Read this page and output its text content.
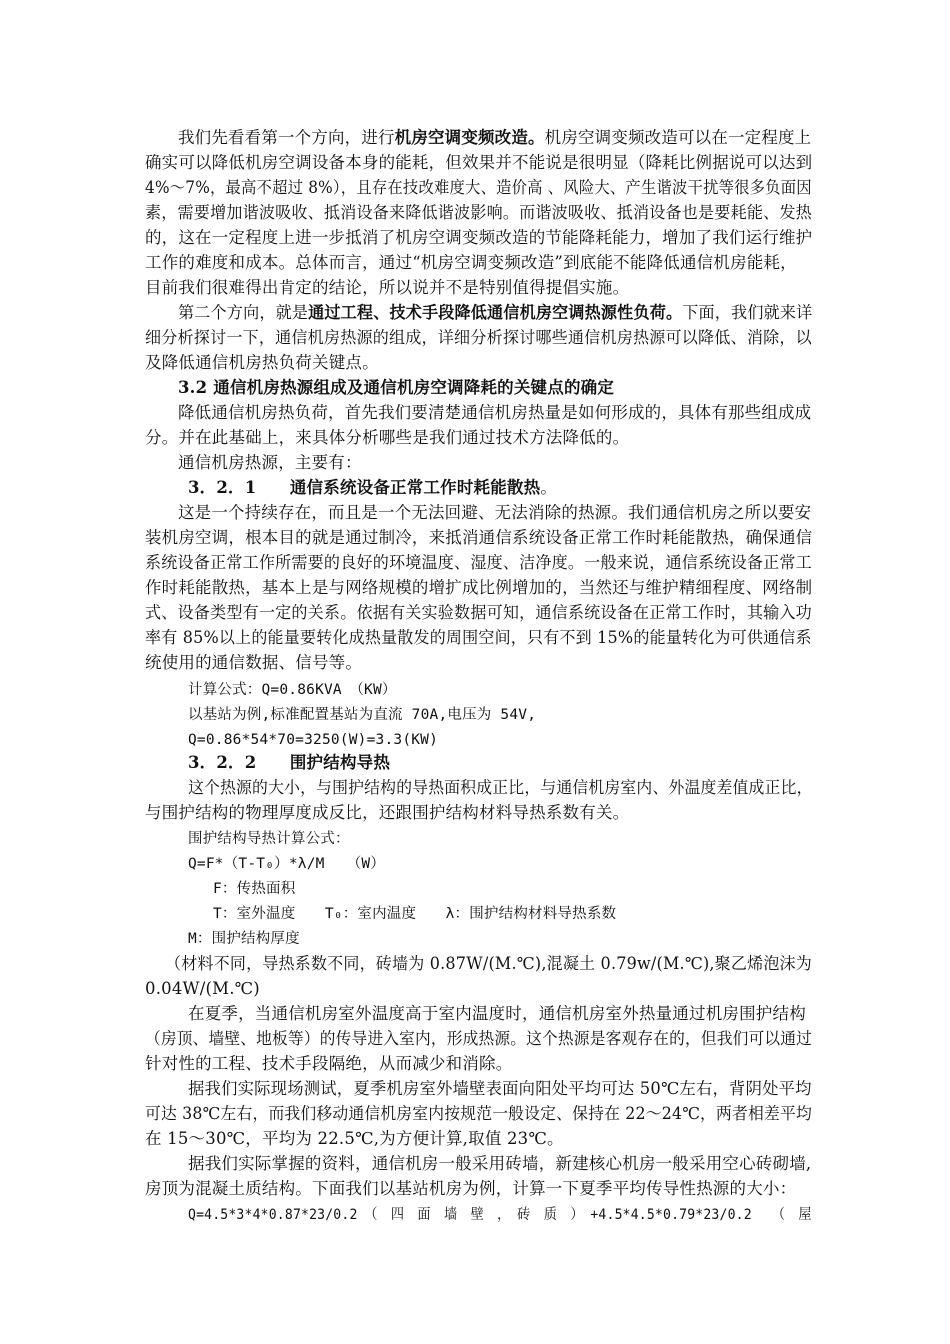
我们先看看第一个方向，进行机房空调变频改造。机房空调变频改造可以在一定程度上
确实可以降低机房空调设备本身的能耗，但效果并不能说是很明显（降耗比例据说可以达到
4%～7%，最高不超过 8%），且存在技改难度大、造价高 、风险大、产生谐波干扰等很多负面因
素，需要增加谐波吸收、抵消设备来降低谐波影响。而谐波吸收、抵消设备也是要耗能、发热
的，这在一定程度上进一步抵消了机房空调变频改造的节能降耗能力，增加了我们运行维护
工作的难度和成本。总体而言，通过“机房空调变频改造”到底能不能降低通信机房能耗，
目前我们很难得出肯定的结论，所以说并不是特别值得提倡实施。
第二个方向，就是通过工程、技术手段降低通信机房空调热源性负荷。下面，我们就来详
细分析探讨一下，通信机房热源的组成，详细分析探讨哪些通信机房热源可以降低、消除，以
及降低通信机房热负荷关键点。
3.2 通信机房热源组成及通信机房空调降耗的关键点的确定
降低通信机房热负荷，首先我们要清楚通信机房热量是如何形成的，具体有那些组成成
分。并在此基础上，来具体分析哪些是我们通过技术方法降低的。
通信机房热源，主要有：
3．2．1　　通信系统设备正常工作时耗能散热。
这是一个持续存在，而且是一个无法回避、无法消除的热源。我们通信机房之所以要安
装机房空调，根本目的就是通过制冷，来抵消通信系统设备正常工作时耗能散热，确保通信
系统设备正常工作所需要的良好的环境温度、湿度、洁净度。一般来说，通信系统设备正常工
作时耗能散热，基本上是与网络规模的增扩成比例增加的，当然还与维护精细程度、网络制
式、设备类型有一定的关系。依据有关实验数据可知，通信系统设备在正常工作时，其输入功
率有 85%以上的能量要转化成热量散发的周围空间，只有不到 15%的能量转化为可供通信系
统使用的通信数据、信号等。
计算公式：Q=0.86KVA　（KW）
以基站为例,标准配置基站为直流 70A,电压为 54V,
Q=0.86*54*70=3250(W)=3.3(KW)
3．2．2　　围护结构导热
这个热源的大小，与围护结构的导热面积成正比，与通信机房室内、外温度差值成正比，
与围护结构的物理厚度成反比，还跟围护结构材料导热系数有关。
围护结构导热计算公式：
Q=F*（T-T₀）*λ/M　　（W）
F：传热面积
T：室外温度　　T₀：室内温度　　λ：围护结构材料导热系数
M：围护结构厚度
（材料不同，导热系数不同，砖墙为 0.87W/(M.℃),混凝土 0.79w/(M.℃),聚乙烯泡沫为
0.04W/(M.℃)
在夏季，当通信机房室外温度高于室内温度时，通信机房室外热量通过机房围护结构
（房顶、墙壁、地板等）的传导进入室内，形成热源。这个热源是客观存在的，但我们可以通过
针对性的工程、技术手段隔绝，从而减少和消除。
据我们实际现场测试，夏季机房室外墙壁表面向阳处平均可达 50℃左右，背阴处平均
可达 38℃左右，而我们移动通信机房室内按规范一般设定、保持在 22～24℃，两者相差平均
在 15～30℃，平均为 22.5℃,为方便计算,取值 23℃。
据我们实际掌握的资料，通信机房一般采用砖墙，新建核心机房一般采用空心砖砌墙,
房顶为混凝土质结构。下面我们以基站机房为例，计算一下夏季平均传导性热源的大小：
Q=4.5*3*4*0.87*23/0.2　（　四　面　墙　壁　，　砖　质　）　+4.5*4.5*0.79*23/0.2　　（　屋
